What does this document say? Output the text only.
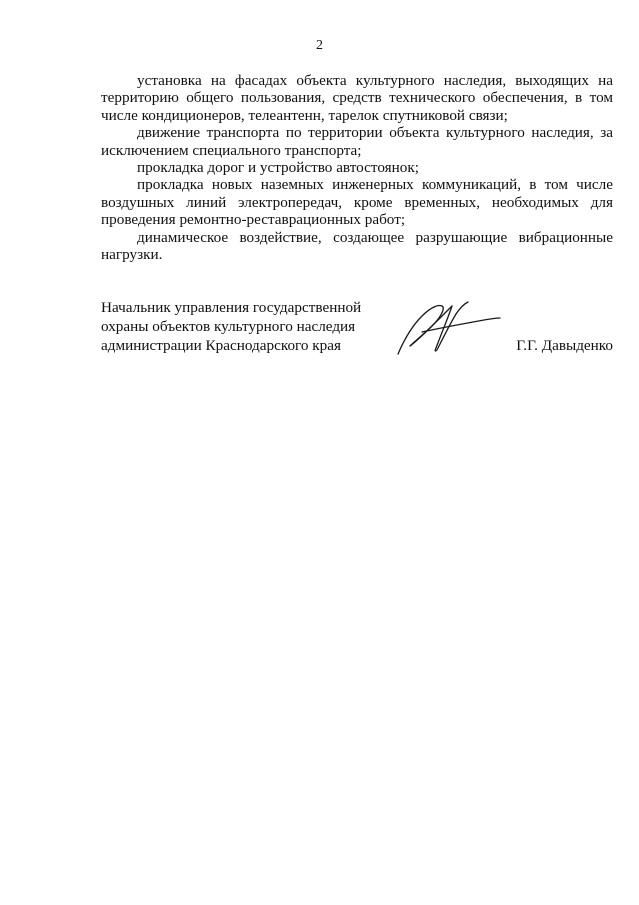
2

установка на фасадах объекта культурного наследия, выходящих на территорию общего пользования, средств технического обеспечения, в том числе кондиционеров, телеантенн, тарелок спутниковой связи;

движение транспорта по территории объекта культурного наследия, за исключением специального транспорта;

прокладка дорог и устройство автостоянок;

прокладка новых наземных инженерных коммуникаций, в том числе воздушных линий электропередач, кроме временных, необходимых для проведения ремонтно-реставрационных работ;

динамическое воздействие, создающее разрушающие вибрационные нагрузки.

Начальник управления государственной
охраны объектов культурного наследия
администрации Краснодарского края	Г.Г. Давыденко
